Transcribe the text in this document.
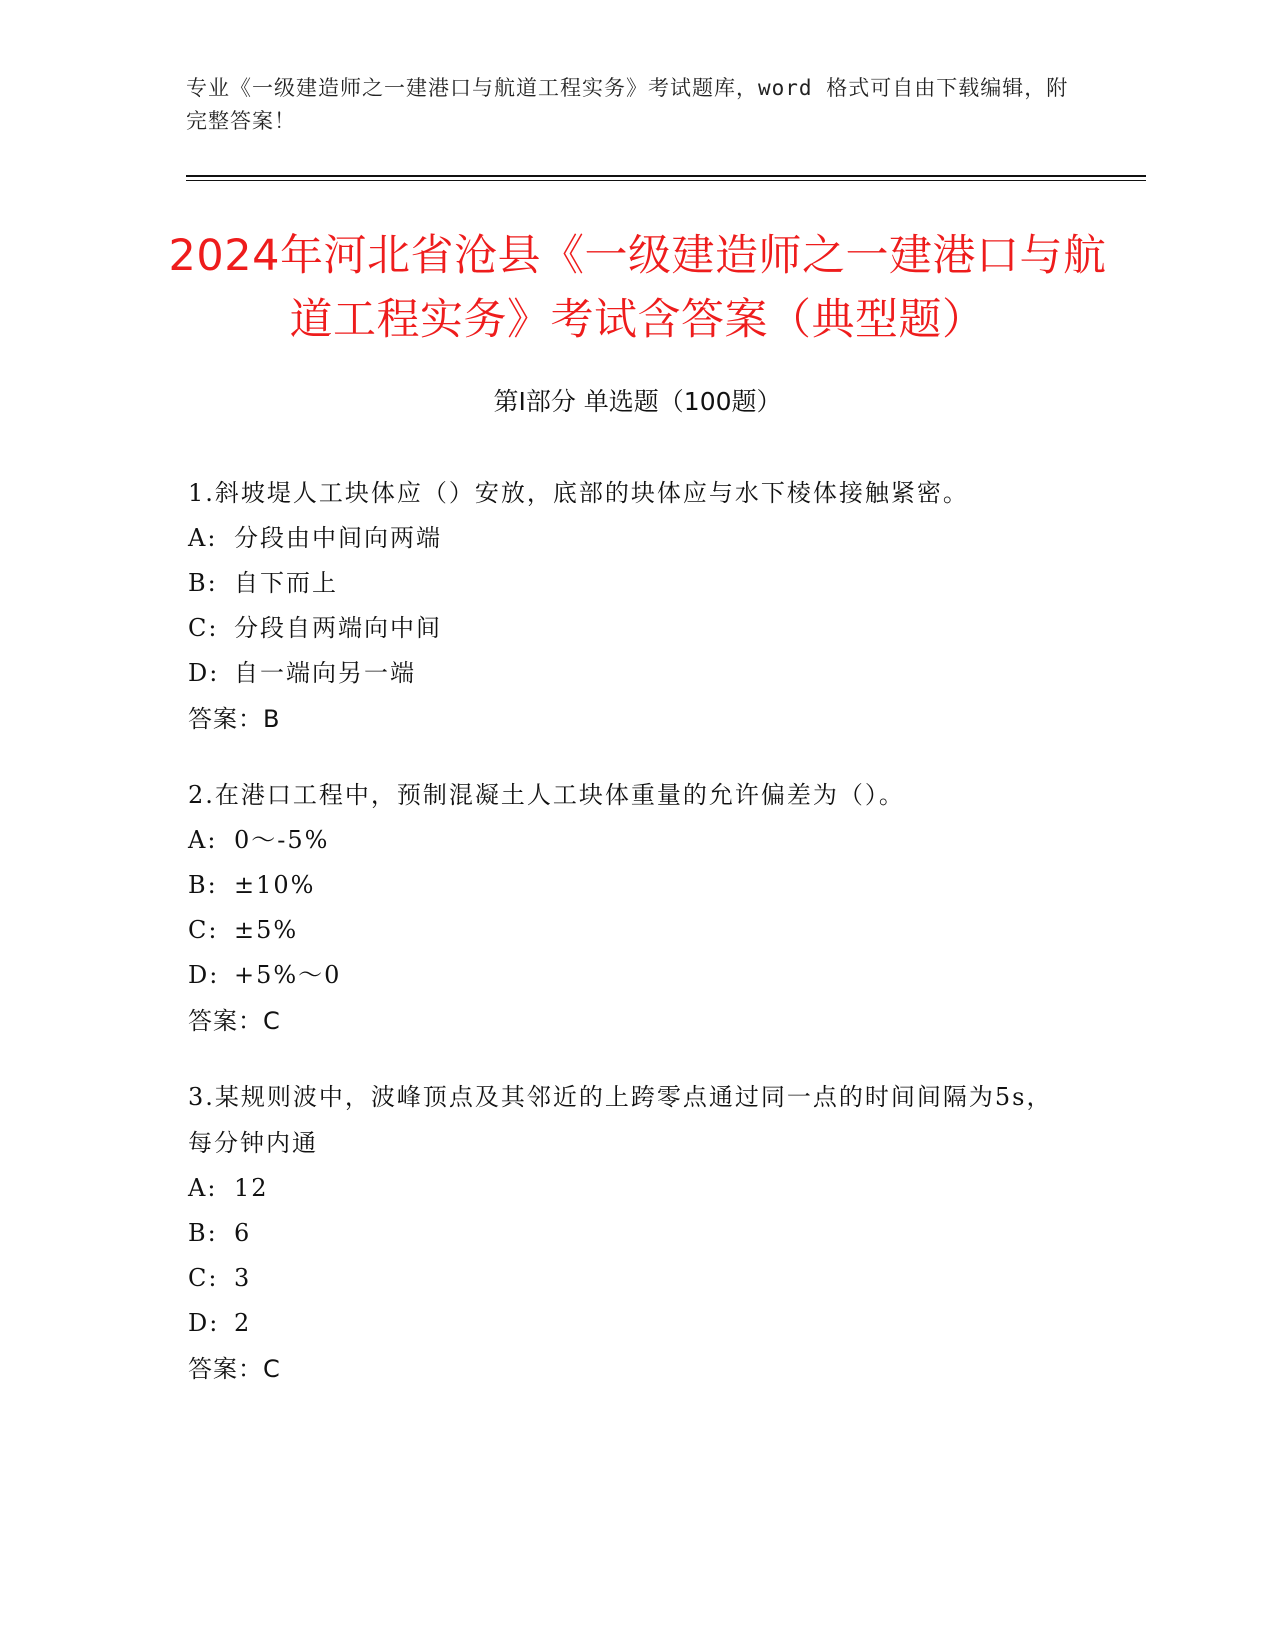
专业《一级建造师之一建港口与航道工程实务》考试题库，word 格式可自由下载编辑，附完整答案！
2024年河北省沧县《一级建造师之一建港口与航道工程实务》考试含答案（典型题）
第Ⅰ部分 单选题（100题）
1.斜坡堤人工块体应（）安放，底部的块体应与水下棱体接触紧密。
A: 分段由中间向两端
B: 自下而上
C: 分段自两端向中间
D: 自一端向另一端
答案：B
2.在港口工程中，预制混凝土人工块体重量的允许偏差为（）。
A: 0～-5%
B: ±10%
C: ±5%
D: +5%～0
答案：C
3.某规则波中，波峰顶点及其邻近的上跨零点通过同一点的时间间隔为5s，每分钟内通
A: 12
B: 6
C: 3
D: 2
答案：C
